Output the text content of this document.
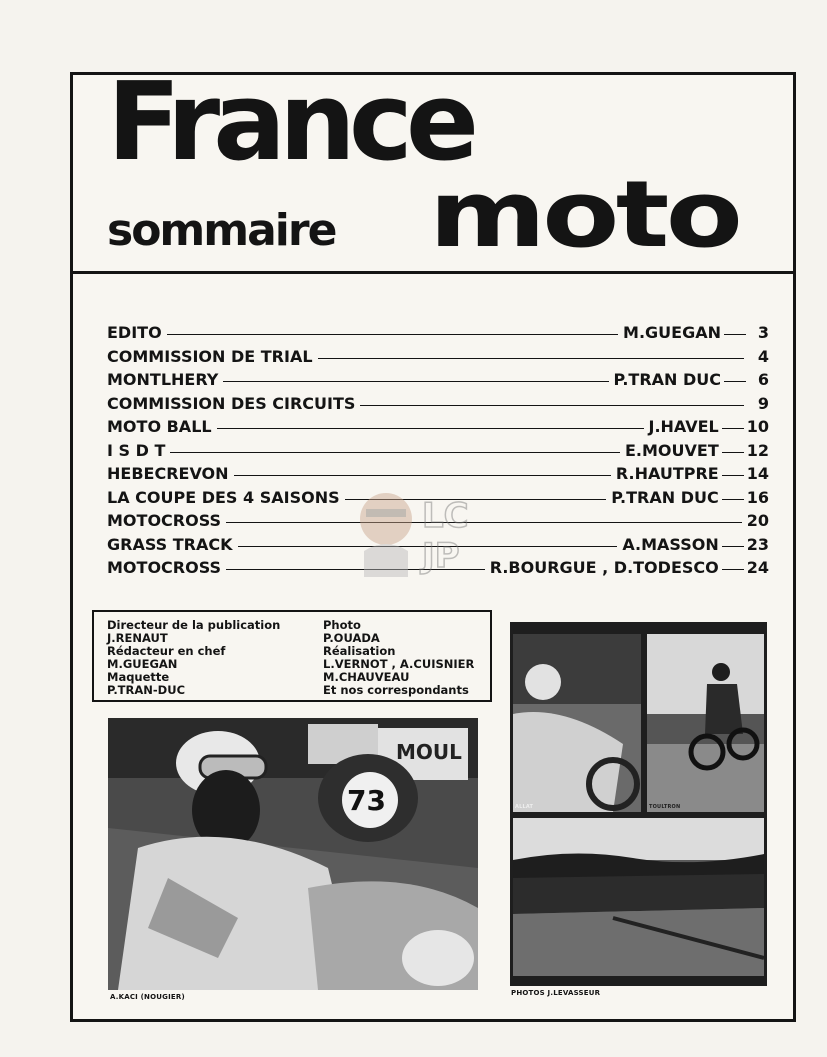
France
sommaire moto
EDITO	M.GUEGAN	3
COMMISSION DE TRIAL	4
MONTLHERY	P.TRAN DUC	6
COMMISSION DES CIRCUITS	9
MOTO BALL	J.HAVEL 10
I S D T	E.MOUVET 12
HEBECREVON	R.HAUTPRE 14
LA COUPE DES 4 SAISONS	P.TRAN DUC 16
MOTOCROSS	20
GRASS TRACK	A.MASSON 23
MOTOCROSS	R.BOURGUE , D.TODESCO 24
LC
JP
Directeur de la publication
J.RENAUT
Rédacteur en chef
M.GUEGAN
Maquette
P.TRAN-DUC
Photo
P.OUADA
Réalisation
L.VERNOT , A.CUISNIER
M.CHAUVEAU
Et nos correspondants
MOUL
73
A.KACI (NOUGIER)
ALLAT	TOULTRON
PHOTOS J.LEVASSEUR
